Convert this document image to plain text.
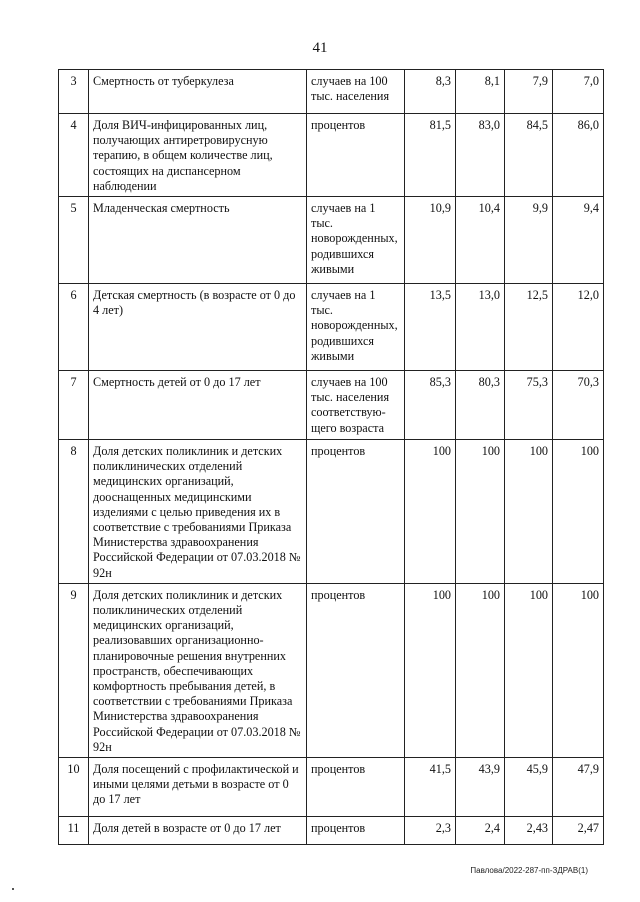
41
3	Смертность от туберкулеза	случаев на 100 тыс. населения	8,3	8,1	7,9	7,0
4	Доля ВИЧ-инфицированных лиц, получающих антиретровирусную терапию, в общем количестве лиц, состоящих на диспансерном наблюдении	процентов	81,5	83,0	84,5	86,0
5	Младенческая смертность	случаев на 1 тыс. новорожденных, родившихся живыми	10,9	10,4	9,9	9,4
6	Детская смертность (в возрасте от 0 до 4 лет)	случаев на 1 тыс. новорожденных, родившихся живыми	13,5	13,0	12,5	12,0
7	Смертность детей от 0 до 17 лет	случаев на 100 тыс. населения соответствую-щего возраста	85,3	80,3	75,3	70,3
8	Доля детских поликлиник и детских поликлинических отделений медицинских организаций, дооснащенных медицинскими изделиями с целью приведения их в соответствие с требованиями Приказа Министерства здравоохранения Российской Федерации от 07.03.2018 № 92н	процентов	100	100	100	100
9	Доля детских поликлиник и детских поликлинических отделений медицинских организаций, реализовавших организационно-планировочные решения внутренних пространств, обеспечивающих комфортность пребывания детей, в соответствии с требованиями Приказа Министерства здравоохранения Российской Федерации от 07.03.2018 № 92н	процентов	100	100	100	100
10	Доля посещений с профилактической и иными целями детьми в возрасте от 0 до 17 лет	процентов	41,5	43,9	45,9	47,9
11	Доля детей в возрасте от 0 до 17 лет	процентов	2,3	2,4	2,43	2,47
Павлова/2022-287-пп-ЗДРАВ(1)
